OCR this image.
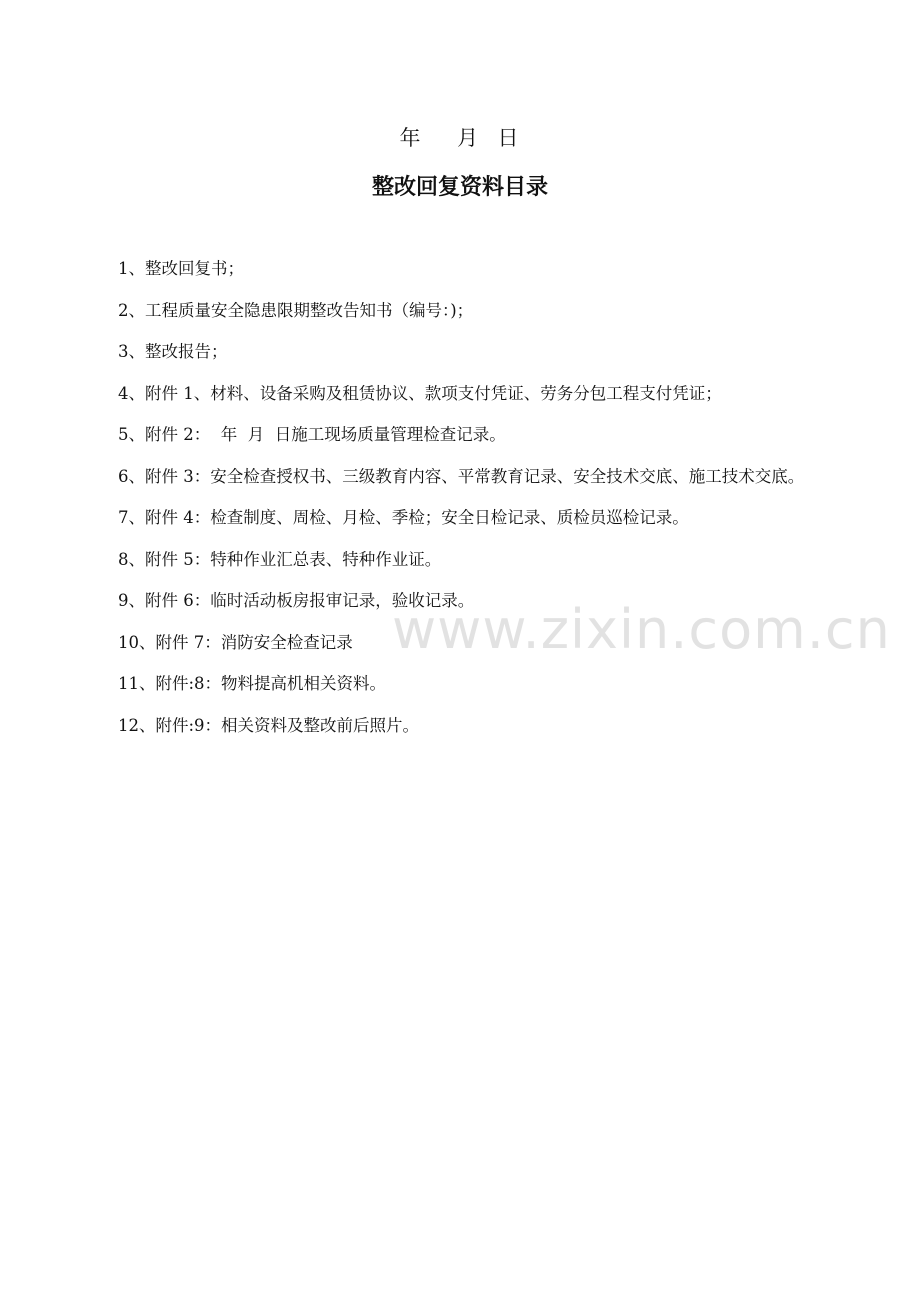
年    月  日
整改回复资料目录
1、整改回复书；
2、工程质量安全隐患限期整改告知书（编号：)；
3、整改报告；
4、附件 1、材料、设备采购及租赁协议、款项支付凭证、劳务分包工程支付凭证；
5、附件 2：  年  月  日施工现场质量管理检查记录。
6、附件 3：安全检查授权书、三级教育内容、平常教育记录、安全技术交底、施工技术交底。
7、附件 4：检查制度、周检、月检、季检；安全日检记录、质检员巡检记录。
8、附件 5：特种作业汇总表、特种作业证。
9、附件 6：临时活动板房报审记录，验收记录。
10、附件 7：消防安全检查记录
11、附件:8：物料提高机相关资料。
12、附件:9：相关资料及整改前后照片。
www.zixin.com.cn
